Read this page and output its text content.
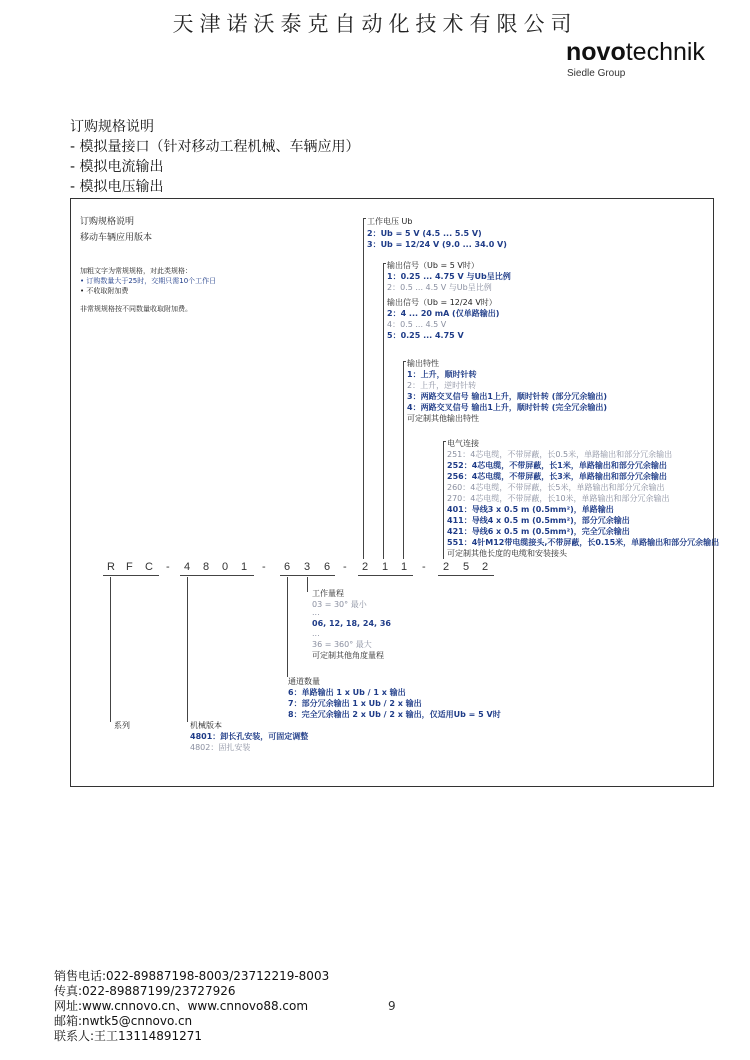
天津诺沃泰克自动化技术有限公司
novotechnik
Siedle Group
订购规格说明
- 模拟量接口（针对移动工程机械、车辆应用）
- 模拟电流输出
- 模拟电压输出
订购规格说明
移动车辆应用版本
加粗文字为常规规格，对此类规格：
• 订购数量大于25时，交期只需10个工作日
• 不收取附加费
非常规规格按不同数量收取附加费。
工作电压 Ub
2：Ub = 5 V (4.5 ... 5.5 V)
3：Ub = 12/24 V (9.0 ... 34.0 V)
输出信号（Ub = 5 V时）
1：0.25 ... 4.75 V 与Ub呈比例
2：0.5 ... 4.5 V 与Ub呈比例
输出信号（Ub = 12/24 V时）
2：4 ... 20 mA (仅单路输出)
4：0.5 ... 4.5 V
5：0.25 ... 4.75 V
输出特性
1：上升，顺时针转
2：上升，逆时针转
3：两路交叉信号 输出1上升，顺时针转 (部分冗余输出)
4：两路交叉信号 输出1上升，顺时针转 (完全冗余输出)
可定制其他输出特性
电气连接
251：4芯电缆，不带屏蔽，长0.5米，单路输出和部分冗余输出
252：4芯电缆，不带屏蔽，长1米，单路输出和部分冗余输出
256：4芯电缆，不带屏蔽，长3米，单路输出和部分冗余输出
260：4芯电缆，不带屏蔽，长5米，单路输出和部分冗余输出
270：4芯电缆，不带屏蔽，长10米，单路输出和部分冗余输出
401：导线3 x 0.5 m (0.5mm²)，单路输出
411：导线4 x 0.5 m (0.5mm²)，部分冗余输出
421：导线6 x 0.5 m (0.5mm²)，完全冗余输出
551：4针M12带电缆接头,不带屏蔽，长0.15米，单路输出和部分冗余输出
可定制其他长度的电缆和安装接头
R F C - 4 8 0 1 - 6 3 6 - 2 1 1 - 2 5 2
工作量程
03 = 30° 最小
...
06, 12, 18, 24, 36
...
36 = 360° 最大
可定制其他角度量程
通道数量
6：单路输出 1 x Ub / 1 x 输出
7：部分冗余输出 1 x Ub / 2 x 输出
8：完全冗余输出 2 x Ub / 2 x 输出，仅适用Ub = 5 V时
系列	机械版本
4801：卸长孔安装，可固定调整
4802：固扎安装
销售电话:022-89887198-8003/23712219-8003
传真:022-89887199/23727926
网址:www.cnnovo.cn、www.cnnovo88.com
邮箱:nwtk5@cnnovo.cn
联系人:王工13114891271
9
